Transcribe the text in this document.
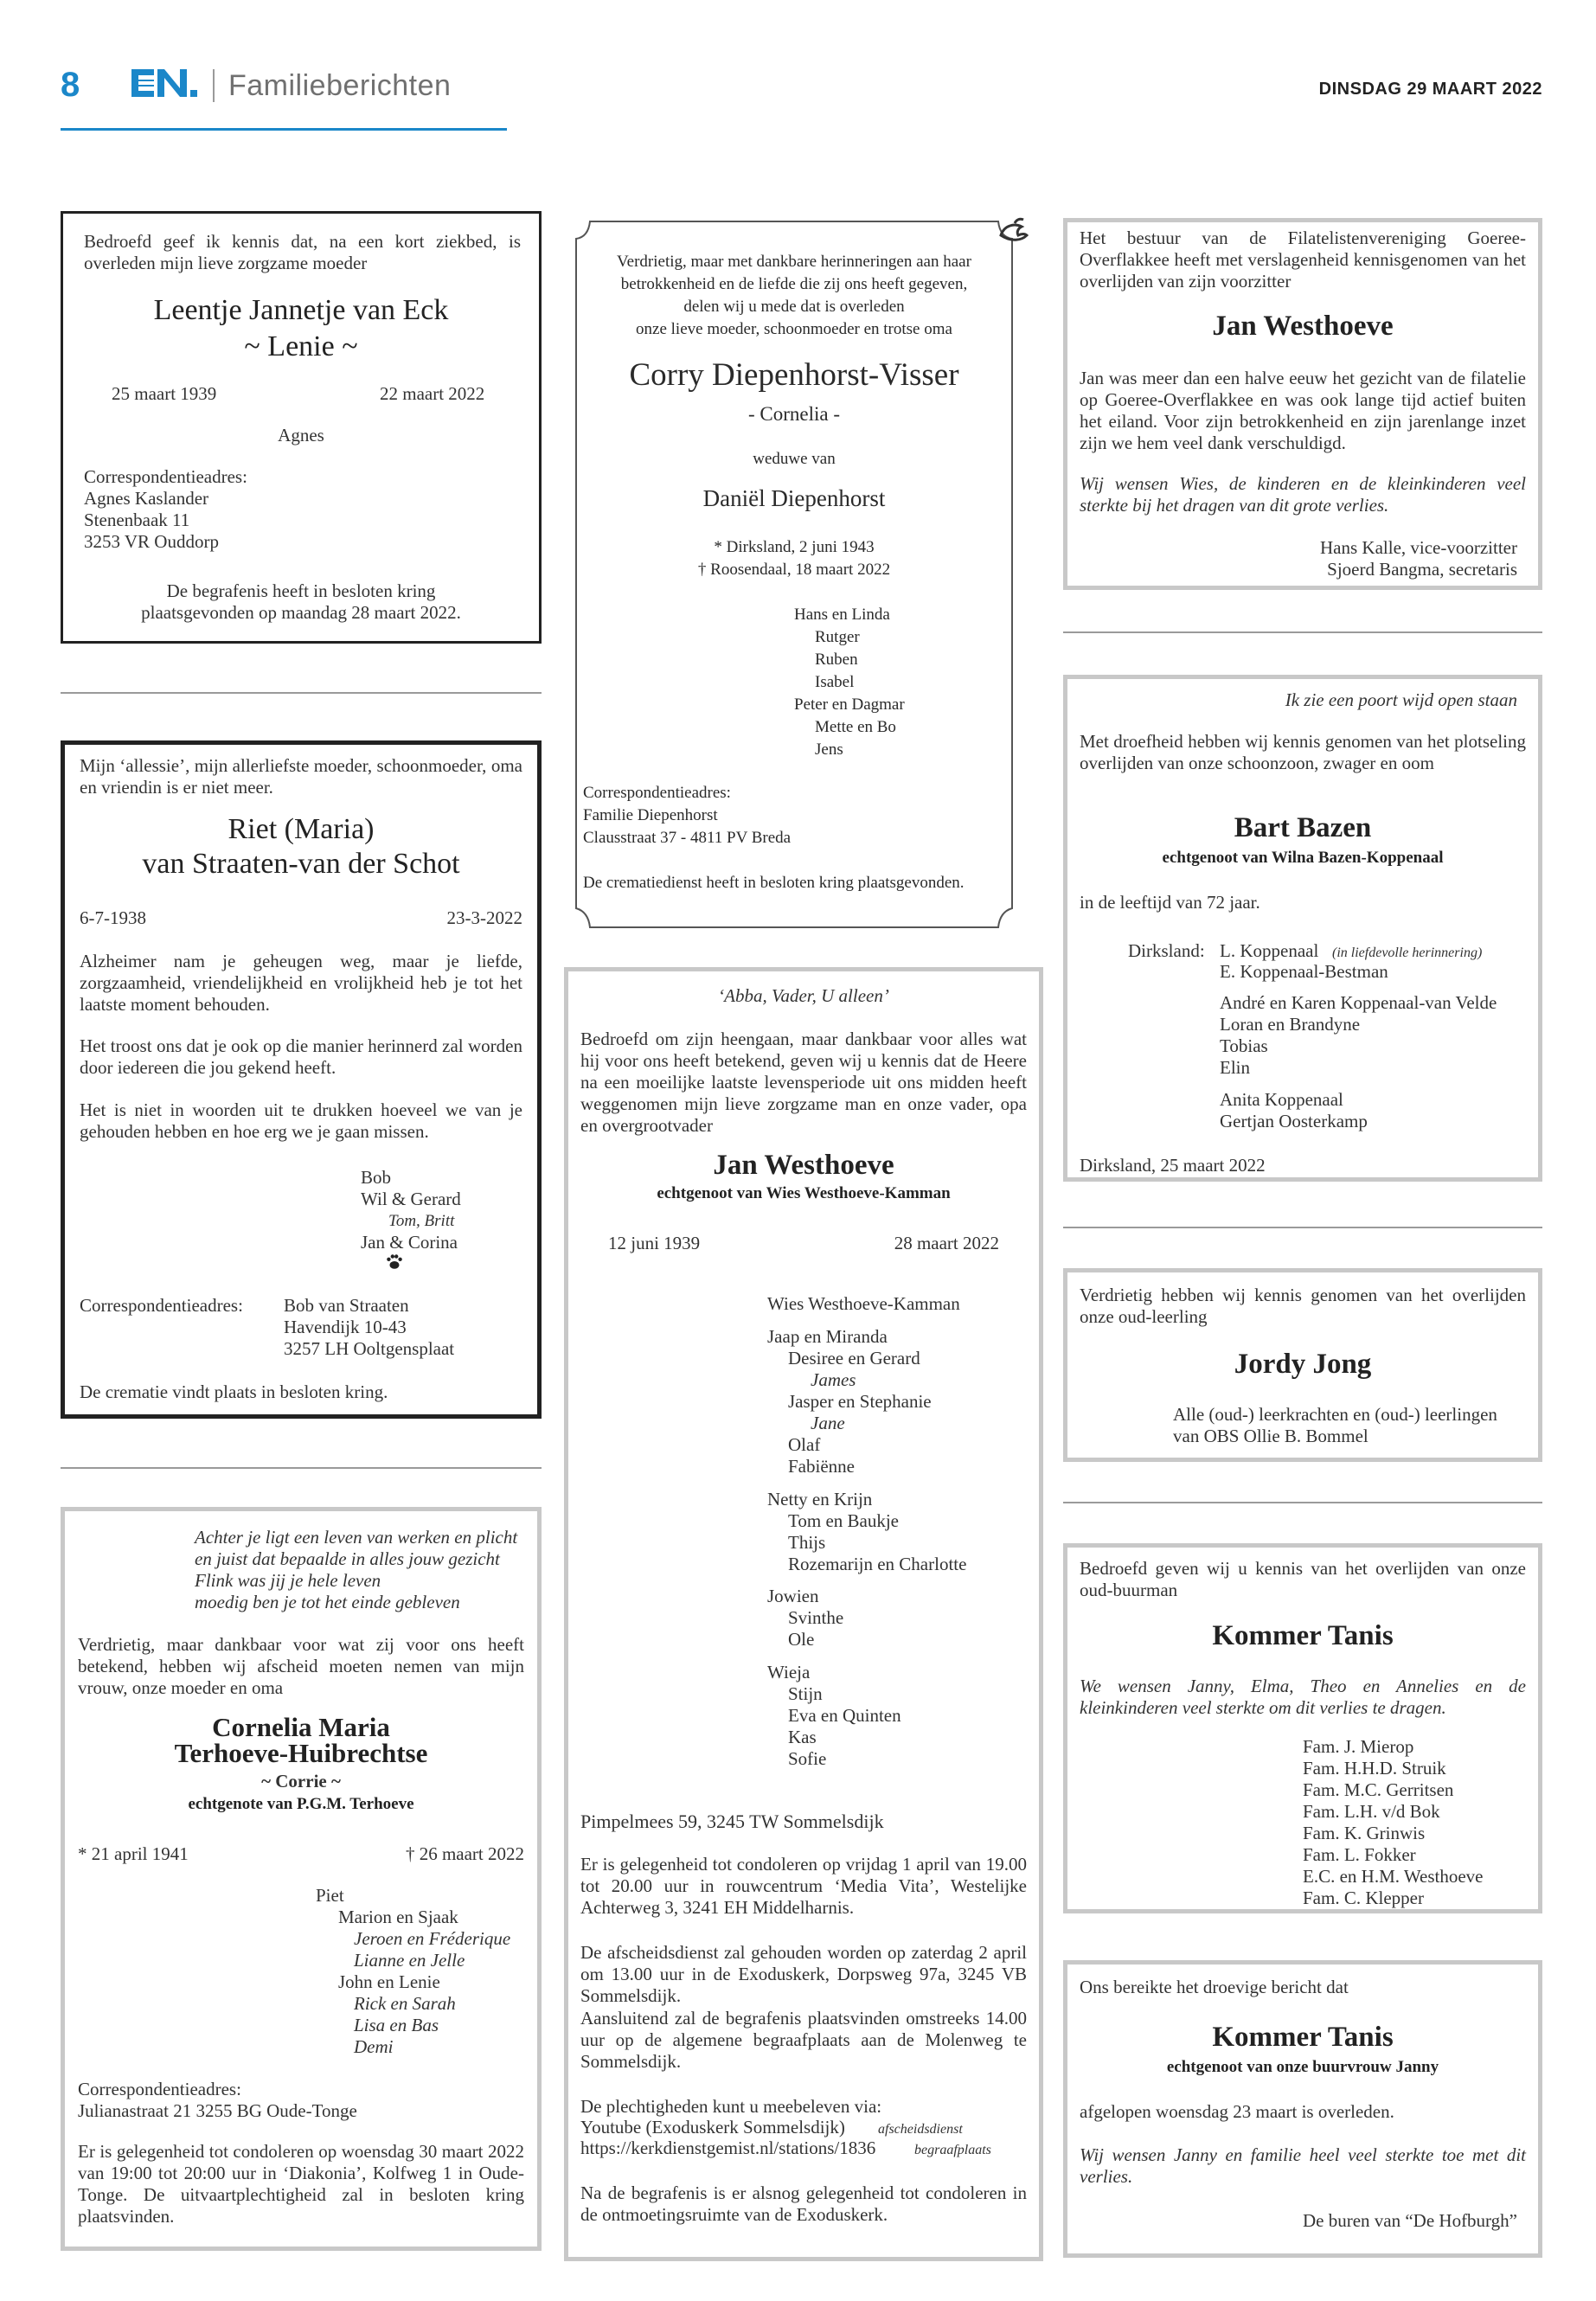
8	Familieberichten	DINSDAG 29 MAART 2022
Bedroefd geef ik kennis dat, na een kort ziekbed, is overleden mijn lieve zorgzame moeder
Leentje Jannetje van Eck
~ Lenie ~
25 maart 1939	22 maart 2022
Agnes
Correspondentieadres:
Agnes Kaslander
Stenenbaak 11
3253 VR Ouddorp
De begrafenis heeft in besloten kring
plaatsgevonden op maandag 28 maart 2022.
Mijn ‘allessie’, mijn allerliefste moeder, schoonmoeder, oma en vriendin is er niet meer.
Riet (Maria)
van Straaten-van der Schot
6-7-1938	23-3-2022
Alzheimer nam je geheugen weg, maar je liefde, zorgzaamheid, vriendelijkheid en vrolijkheid heb je tot het laatste moment behouden.
Het troost ons dat je ook op die manier herinnerd zal worden door iedereen die jou gekend heeft.
Het is niet in woorden uit te drukken hoeveel we van je gehouden hebben en hoe erg we je gaan missen.
Bob
Wil & Gerard
Tom, Britt
Jan & Corina
Correspondentieadres: Bob van Straaten
Havendijk 10-43
3257 LH Ooltgensplaat
De crematie vindt plaats in besloten kring.
Achter je ligt een leven van werken en plicht
en juist dat bepaalde in alles jouw gezicht
Flink was jij je hele leven
moedig ben je tot het einde gebleven
Verdrietig, maar dankbaar voor wat zij voor ons heeft betekend, hebben wij afscheid moeten nemen van mijn vrouw, onze moeder en oma
Cornelia Maria
Terhoeve-Huibrechtse
~ Corrie ~
echtgenote van P.G.M. Terhoeve
* 21 april 1941	† 26 maart 2022
Piet
Marion en Sjaak
Jeroen en Fréderique
Lianne en Jelle
John en Lenie
Rick en Sarah
Lisa en Bas
Demi
Correspondentieadres:
Julianastraat 21 3255 BG Oude-Tonge
Er is gelegenheid tot condoleren op woensdag 30 maart 2022 van 19:00 tot 20:00 uur in ‘Diakonia’, Kolfweg 1 in Oude-Tonge. De uitvaartplechtigheid zal in besloten kring plaatsvinden.
Verdrietig, maar met dankbare herinneringen aan haar
betrokkenheid en de liefde die zij ons heeft gegeven,
delen wij u mede dat is overleden
onze lieve moeder, schoonmoeder en trotse oma
Corry Diepenhorst-Visser
- Cornelia -
weduwe van
Daniël Diepenhorst
* Dirksland, 2 juni 1943
† Roosendaal, 18 maart 2022
Hans en Linda
Rutger
Ruben
Isabel
Peter en Dagmar
Mette en Bo
Jens
Correspondentieadres:
Familie Diepenhorst
Clausstraat 37 - 4811 PV Breda
De crematiedienst heeft in besloten kring plaatsgevonden.
‘Abba, Vader, U alleen’
Bedroefd om zijn heengaan, maar dankbaar voor alles wat hij voor ons heeft betekend, geven wij u kennis dat de Heere na een moeilijke laatste levensperiode uit ons midden heeft weggenomen mijn lieve zorgzame man en onze vader, opa en overgrootvader
Jan Westhoeve
echtgenoot van Wies Westhoeve-Kamman
12 juni 1939	28 maart 2022
Wies Westhoeve-Kamman
Jaap en Miranda
Desiree en Gerard
James
Jasper en Stephanie
Jane
Olaf
Fabiënne
Netty en Krijn
Tom en Baukje
Thijs
Rozemarijn en Charlotte
Jowien
Svinthe
Ole
Wieja
Stijn
Eva en Quinten
Kas
Sofie
Pimpelmees 59, 3245 TW Sommelsdijk
Er is gelegenheid tot condoleren op vrijdag 1 april van 19.00 tot 20.00 uur in rouwcentrum ‘Media Vita’, Westelijke Achterweg 3, 3241 EH Middelharnis.
De afscheidsdienst zal gehouden worden op zaterdag 2 april om 13.00 uur in de Exoduskerk, Dorpsweg 97a, 3245 VB Sommelsdijk.
Aansluitend zal de begrafenis plaatsvinden omstreeks 14.00 uur op de algemene begraafplaats aan de Molenweg te Sommelsdijk.
De plechtigheden kunt u meebeleven via:
Youtube (Exoduskerk Sommelsdijk) afscheidsdienst
https://kerkdienstgemist.nl/stations/1836	begraafplaats
Na de begrafenis is er alsnog gelegenheid tot condoleren in de ontmoetingsruimte van de Exoduskerk.
Het bestuur van de Filatelistenvereniging Goeree-Overflakkee heeft met verslagenheid kennisgenomen van het overlijden van zijn voorzitter
Jan Westhoeve
Jan was meer dan een halve eeuw het gezicht van de filatelie op Goeree-Overflakkee en was ook lange tijd actief buiten het eiland. Voor zijn betrokkenheid en zijn jarenlange inzet zijn we hem veel dank verschuldigd.
Wij wensen Wies, de kinderen en de kleinkinderen veel sterkte bij het dragen van dit grote verlies.
Hans Kalle, vice-voorzitter
Sjoerd Bangma, secretaris
Ik zie een poort wijd open staan
Met droefheid hebben wij kennis genomen van het plotseling overlijden van onze schoonzoon, zwager en oom
Bart Bazen
echtgenoot van Wilna Bazen-Koppenaal
in de leeftijd van 72 jaar.
Dirksland: L. Koppenaal (in liefdevolle herinnering)
E. Koppenaal-Bestman
André en Karen Koppenaal-van Velde
Loran en Brandyne
Tobias
Elin
Anita Koppenaal
Gertjan Oosterkamp
Dirksland, 25 maart 2022
Verdrietig hebben wij kennis genomen van het overlijden onze oud-leerling
Jordy Jong
Alle (oud-) leerkrachten en (oud-) leerlingen
van OBS Ollie B. Bommel
Bedroefd geven wij u kennis van het overlijden van onze oud-buurman
Kommer Tanis
We wensen Janny, Elma, Theo en Annelies en de kleinkinderen veel sterkte om dit verlies te dragen.
Fam. J. Mierop
Fam. H.H.D. Struik
Fam. M.C. Gerritsen
Fam. L.H. v/d Bok
Fam. K. Grinwis
Fam. L. Fokker
E.C. en H.M. Westhoeve
Fam. C. Klepper
Ons bereikte het droevige bericht dat
Kommer Tanis
echtgenoot van onze buurvrouw Janny
afgelopen woensdag 23 maart is overleden.
Wij wensen Janny en familie heel veel sterkte toe met dit verlies.
De buren van “De Hofburgh”
